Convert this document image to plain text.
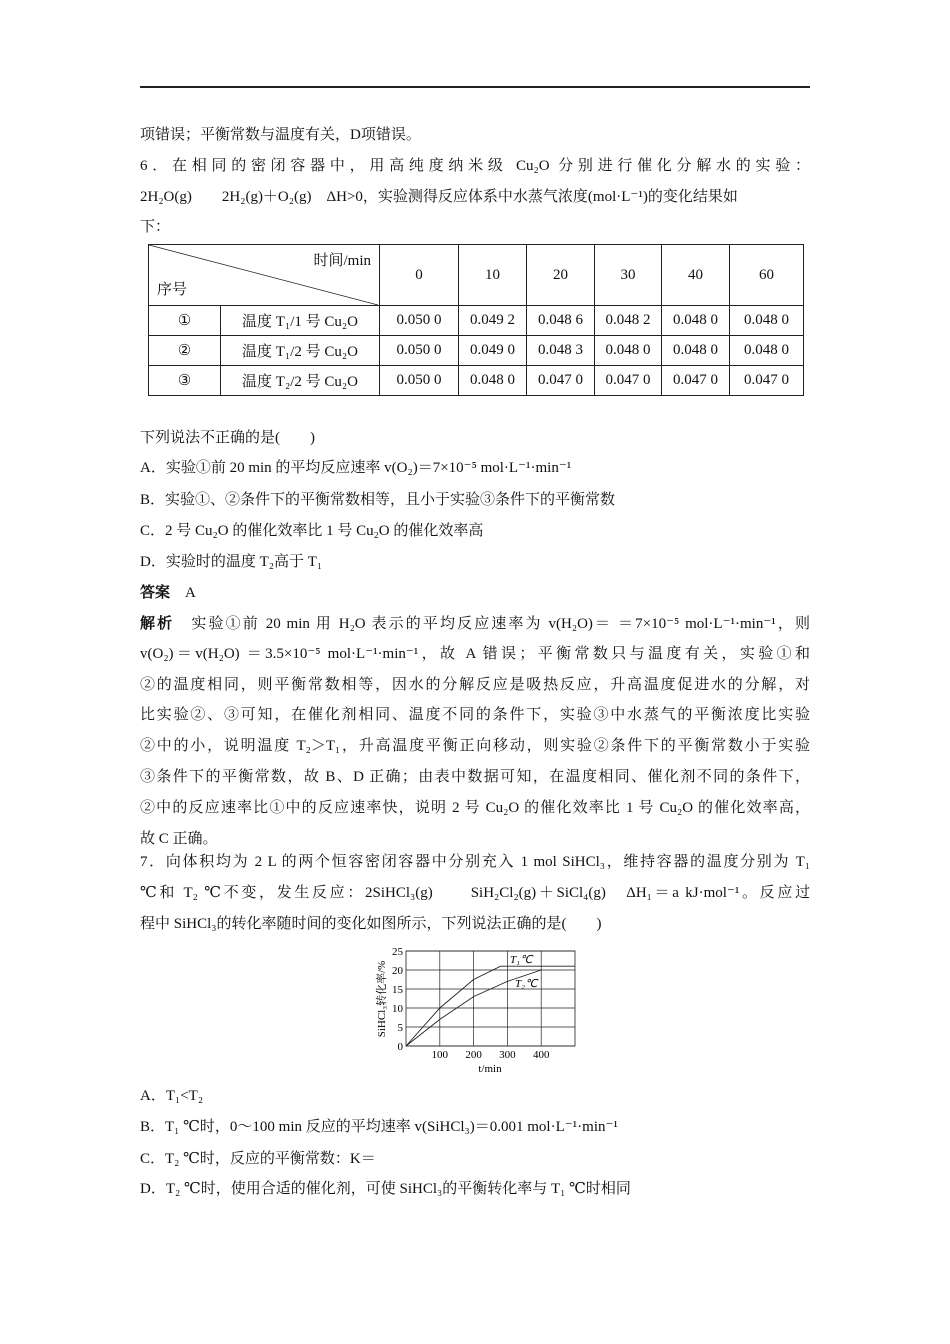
项错误；平衡常数与温度有关，D项错误。
6．在相同的密闭容器中，用高纯度纳米级 Cu₂O 分别进行催化分解水的实验：
2H₂O(g)　　2H₂(g)＋O₂(g)　ΔH>0，实验测得反应体系中水蒸气浓度(mol·L⁻¹)的变化结果如
下：
时间/min
序号		0	10	20	30	40	60
①	温度 T₁/1 号 Cu₂O	0.050 0	0.049 2	0.048 6	0.048 2	0.048 0	0.048 0
②	温度 T₁/2 号 Cu₂O	0.050 0	0.049 0	0.048 3	0.048 0	0.048 0	0.048 0
③	温度 T₂/2 号 Cu₂O	0.050 0	0.048 0	0.047 0	0.047 0	0.047 0	0.047 0
下列说法不正确的是(　　)
A．实验①前 20 min 的平均反应速率 v(O₂)＝7×10⁻⁵ mol·L⁻¹·min⁻¹
B．实验①、②条件下的平衡常数相等，且小于实验③条件下的平衡常数
C．2 号 Cu₂O 的催化效率比 1 号 Cu₂O 的催化效率高
D．实验时的温度 T₂高于 T₁
答案　 A
解析　 实验①前 20 min 用 H₂O 表示的平均反应速率为 v(H₂O)＝ ＝7×10⁻⁵ mol·L⁻¹·min⁻¹，则
v(O₂)＝v(H₂O) ＝3.5×10⁻⁵ mol·L⁻¹·min⁻¹，故 A 错误；平衡常数只与温度有关，实验①和
②的温度相同，则平衡常数相等，因水的分解反应是吸热反应，升高温度促进水的分解，对
比实验②、③可知，在催化剂相同、温度不同的条件下，实验③中水蒸气的平衡浓度比实验
②中的小，说明温度 T₂＞T₁，升高温度平衡正向移动，则实验②条件下的平衡常数小于实验
③条件下的平衡常数，故 B、D 正确；由表中数据可知，在温度相同、催化剂不同的条件下，
②中的反应速率比①中的反应速率快，说明 2 号 Cu₂O 的催化效率比 1 号 Cu₂O 的催化效率高，
故 C 正确。
7．向体积均为 2 L 的两个恒容密闭容器中分别充入 1 mol SiHCl₃，维持容器的温度分别为 T₁
℃和 T₂ ℃不变，发生反应：2SiHCl₃(g)　　SiH₂Cl₂(g)＋SiCl₄(g)　ΔH₁＝a kJ·mol⁻¹。反应过
程中 SiHCl₃的转化率随时间的变化如图所示，下列说法正确的是(　　)
0
5
10
15
20
25
100 200 300 400
T₁℃
T₂℃
t/min
SiHCl₃转化率/%
A．T₁<T₂
B．T₁ ℃时，0～100 min 反应的平均速率 v(SiHCl₃)＝0.001 mol·L⁻¹·min⁻¹
C．T₂ ℃时，反应的平衡常数：K＝
D．T₂ ℃时，使用合适的催化剂，可使 SiHCl₃的平衡转化率与 T₁ ℃时相同
